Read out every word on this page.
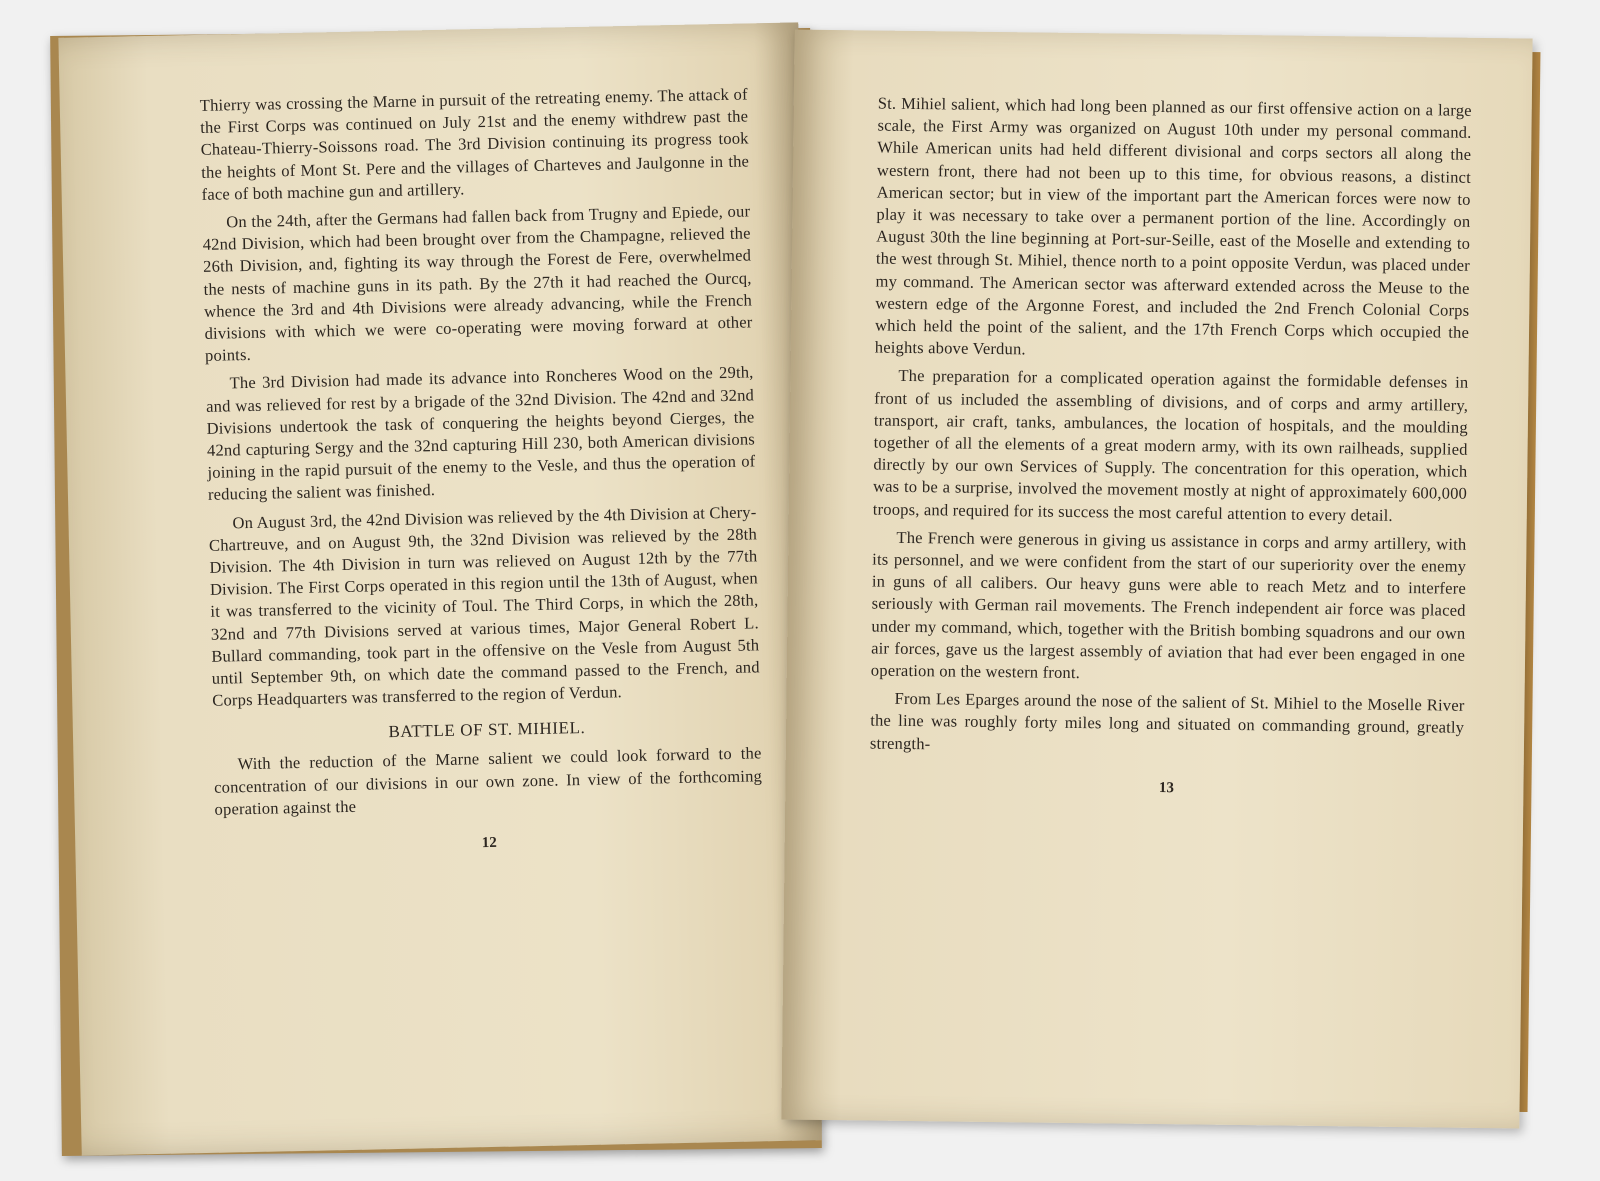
Thierry was crossing the Marne in pursuit of the retreating enemy. The attack of the First Corps was continued on July 21st and the enemy withdrew past the Chateau-Thierry-Soissons road. The 3rd Division continuing its progress took the heights of Mont St. Pere and the villages of Charteves and Jaulgonne in the face of both machine gun and artillery.

On the 24th, after the Germans had fallen back from Trugny and Epiede, our 42nd Division, which had been brought over from the Champagne, relieved the 26th Division, and, fighting its way through the Forest de Fere, overwhelmed the nests of machine guns in its path. By the 27th it had reached the Ourcq, whence the 3rd and 4th Divisions were already advancing, while the French divisions with which we were co-operating were moving forward at other points.

The 3rd Division had made its advance into Roncheres Wood on the 29th, and was relieved for rest by a brigade of the 32nd Division. The 42nd and 32nd Divisions undertook the task of conquering the heights beyond Cierges, the 42nd capturing Sergy and the 32nd capturing Hill 230, both American divisions joining in the rapid pursuit of the enemy to the Vesle, and thus the operation of reducing the salient was finished.

On August 3rd, the 42nd Division was relieved by the 4th Division at Chery-Chartreuve, and on August 9th, the 32nd Division was relieved by the 28th Division. The 4th Division in turn was relieved on August 12th by the 77th Division. The First Corps operated in this region until the 13th of August, when it was transferred to the vicinity of Toul. The Third Corps, in which the 28th, 32nd and 77th Divisions served at various times, Major General Robert L. Bullard commanding, took part in the offensive on the Vesle from August 5th until September 9th, on which date the command passed to the French, and Corps Headquarters was transferred to the region of Verdun.

BATTLE OF ST. MIHIEL.

With the reduction of the Marne salient we could look forward to the concentration of our divisions in our own zone. In view of the forthcoming operation against the

12

St. Mihiel salient, which had long been planned as our first offensive action on a large scale, the First Army was organized on August 10th under my personal command. While American units had held different divisional and corps sectors all along the western front, there had not been up to this time, for obvious reasons, a distinct American sector; but in view of the important part the American forces were now to play it was necessary to take over a permanent portion of the line. Accordingly on August 30th the line beginning at Port-sur-Seille, east of the Moselle and extending to the west through St. Mihiel, thence north to a point opposite Verdun, was placed under my command. The American sector was afterward extended across the Meuse to the western edge of the Argonne Forest, and included the 2nd French Colonial Corps which held the point of the salient, and the 17th French Corps which occupied the heights above Verdun.

The preparation for a complicated operation against the formidable defenses in front of us included the assembling of divisions, and of corps and army artillery, transport, air craft, tanks, ambulances, the location of hospitals, and the moulding together of all the elements of a great modern army, with its own railheads, supplied directly by our own Services of Supply. The concentration for this operation, which was to be a surprise, involved the movement mostly at night of approximately 600,000 troops, and required for its success the most careful attention to every detail.

The French were generous in giving us assistance in corps and army artillery, with its personnel, and we were confident from the start of our superiority over the enemy in guns of all calibers. Our heavy guns were able to reach Metz and to interfere seriously with German rail movements. The French independent air force was placed under my command, which, together with the British bombing squadrons and our own air forces, gave us the largest assembly of aviation that had ever been engaged in one operation on the western front.

From Les Eparges around the nose of the salient of St. Mihiel to the Moselle River the line was roughly forty miles long and situated on commanding ground, greatly strength-

13
